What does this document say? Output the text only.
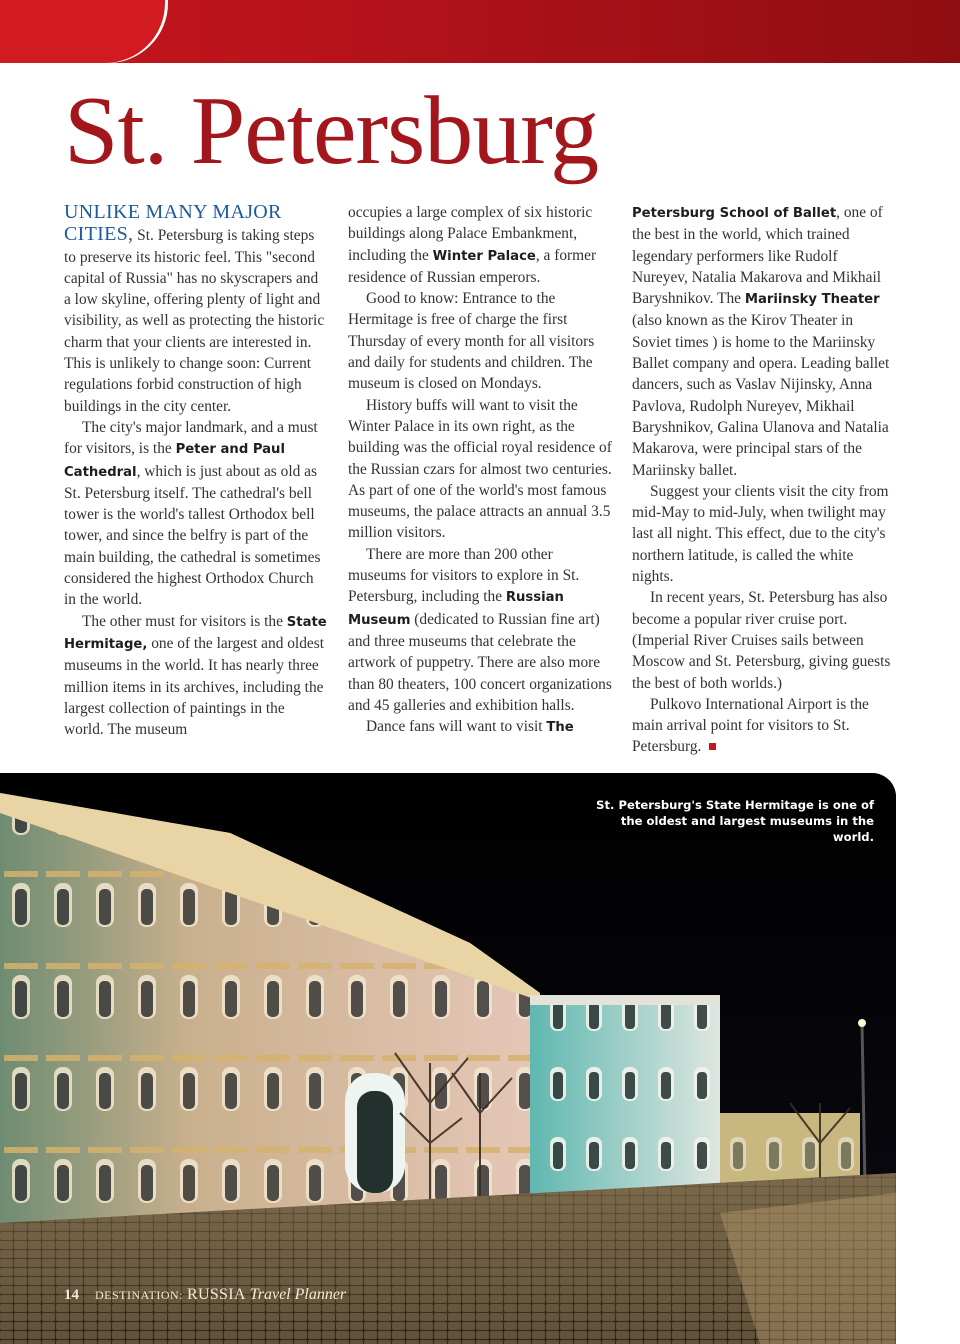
St. Petersburg

UNLIKE MANY MAJOR CITIES, St. Petersburg is taking steps to preserve its historic feel. This "second capital of Russia" has no skyscrapers and a low skyline, offering plenty of light and visibility, as well as protecting the historic charm that your clients are interested in. This is unlikely to change soon: Current regulations forbid construction of high buildings in the city center.

The city's major landmark, and a must for visitors, is the Peter and Paul Cathedral, which is just about as old as St. Petersburg itself. The cathedral's bell tower is the world's tallest Orthodox bell tower, and since the belfry is part of the main building, the cathedral is sometimes considered the highest Orthodox Church in the world.

The other must for visitors is the State Hermitage, one of the largest and oldest museums in the world. It has nearly three million items in its archives, including the largest collection of paintings in the world. The museum

occupies a large complex of six historic buildings along Palace Embankment, including the Winter Palace, a former residence of Russian emperors.

Good to know: Entrance to the Hermitage is free of charge the first Thursday of every month for all visitors and daily for students and children. The museum is closed on Mondays.

History buffs will want to visit the Winter Palace in its own right, as the building was the official royal residence of the Russian czars for almost two centuries. As part of one of the world's most famous museums, the palace attracts an annual 3.5 million visitors.

There are more than 200 other museums for visitors to explore in St. Petersburg, including the Russian Museum (dedicated to Russian fine art) and three museums that celebrate the artwork of puppetry. There are also more than 80 theaters, 100 concert organizations and 45 galleries and exhibition halls.

Dance fans will want to visit The

Petersburg School of Ballet, one of the best in the world, which trained legendary performers like Rudolf Nureyev, Natalia Makarova and Mikhail Baryshnikov. The Mariinsky Theater (also known as the Kirov Theater in Soviet times ) is home to the Mariinsky Ballet company and opera. Leading ballet dancers, such as Vaslav Nijinsky, Anna Pavlova, Rudolph Nureyev, Mikhail Baryshnikov, Galina Ulanova and Natalia Makarova, were principal stars of the Mariinsky ballet.

Suggest your clients visit the city from mid-May to mid-July, when twilight may last all night. This effect, due to the city's northern latitude, is called the white nights.

In recent years, St. Petersburg has also become a popular river cruise port. (Imperial River Cruises sails between Moscow and St. Petersburg, giving guests the best of both worlds.)

Pulkovo International Airport is the main arrival point for visitors to St. Petersburg.

St. Petersburg's State Hermitage is one of the oldest and largest museums in the world.
14 DESTINATION: RUSSIA Travel Planner
